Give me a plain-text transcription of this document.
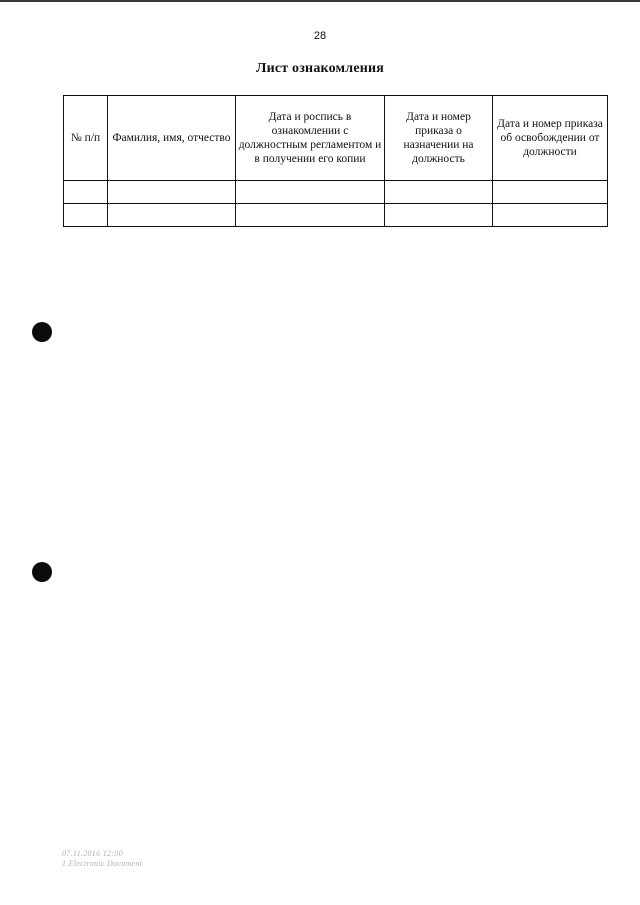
28
Лист ознакомления
№ п/п	Фамилия, имя, отчество	Дата и роспись в ознакомлении с должностным регламентом и в получении его копии	Дата и номер приказа о назначении на должность	Дата и номер приказа об освобождении от должности

07.11.2016 12:00
1 Electronic Document
